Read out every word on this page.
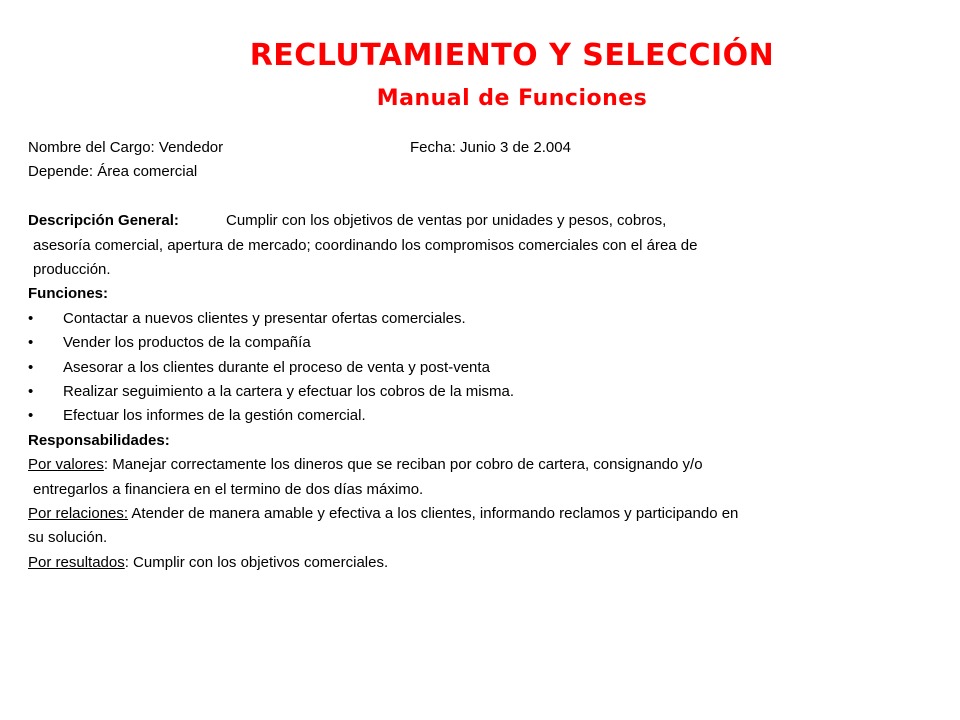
RECLUTAMIENTO Y SELECCIÓN
Manual de Funciones
Nombre del Cargo: Vendedor	Fecha: Junio 3 de 2.004
Depende: Área comercial
Descripción General:	Cumplir con los objetivos de ventas por unidades y pesos, cobros,
asesoría comercial, apertura de mercado; coordinando los compromisos comerciales con el área de
producción.
Funciones:
• Contactar a nuevos clientes y presentar ofertas comerciales.
• Vender los productos de la compañía
• Asesorar a los clientes durante el proceso de venta y post-venta
• Realizar seguimiento a la cartera y efectuar los cobros de la misma.
• Efectuar los informes de la gestión comercial.
Responsabilidades:
Por valores: Manejar correctamente los dineros que se reciban por cobro de cartera, consignando y/o
entregarlos a financiera en el termino de dos días máximo.
Por relaciones: Atender de manera amable y efectiva a los clientes, informando reclamos y participando en
su solución.
Por resultados: Cumplir con los objetivos comerciales.
